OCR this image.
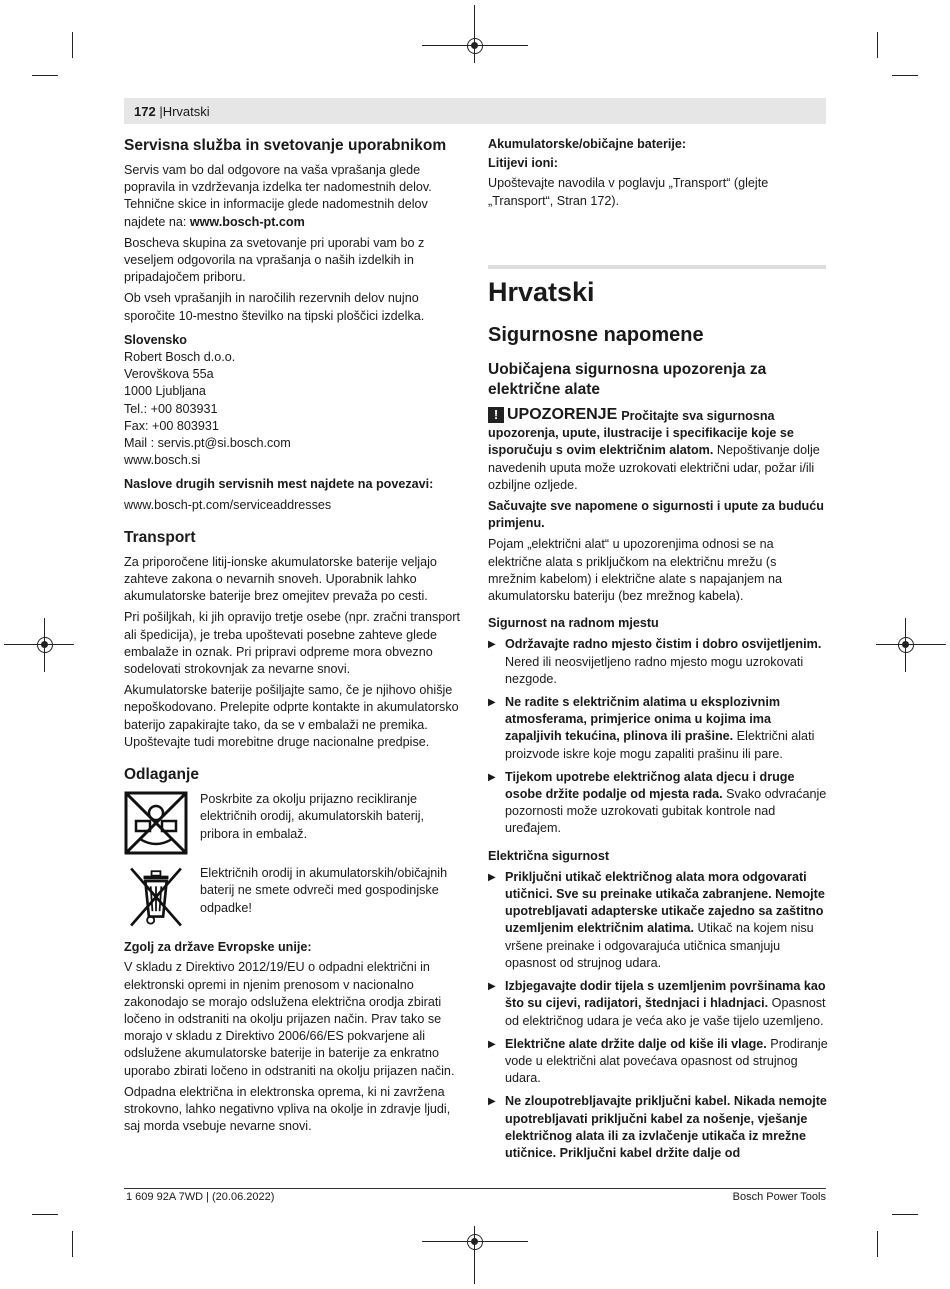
172 |Hrvatski
Servisna služba in svetovanje uporabnikom

Servis vam bo dal odgovore na vaša vprašanja glede popravila in vzdrževanja izdelka ter nadomestnih delov. Tehnične skice in informacije glede nadomestnih delov najdete na: www.bosch-pt.com

Boscheva skupina za svetovanje pri uporabi vam bo z veseljem odgovorila na vprašanja o naših izdelkih in pripadajočem priboru.

Ob vseh vprašanjih in naročilih rezervnih delov nujno sporočite 10-mestno številko na tipski ploščici izdelka.

Slovensko
Robert Bosch d.o.o.
Verovškova 55a
1000 Ljubljana
Tel.: +00 803931
Fax: +00 803931
Mail : servis.pt@si.bosch.com
www.bosch.si
Naslove drugih servisnih mest najdete na povezavi:
www.bosch-pt.com/serviceaddresses
Transport

Za priporočene litij-ionske akumulatorske baterije veljajo zahteve zakona o nevarnih snoveh. Uporabnik lahko akumulatorske baterije brez omejitev prevaža po cesti.

Pri pošiljkah, ki jih opravijo tretje osebe (npr. zračni transport ali špedicija), je treba upoštevati posebne zahteve glede embalaže in oznak. Pri pripravi odpreme mora obvezno sodelovati strokovnjak za nevarne snovi.

Akumulatorske baterije pošiljajte samo, če je njihovo ohišje nepoškodovano. Prelepite odprte kontakte in akumulatorsko baterijo zapakirajte tako, da se v embalaži ne premika. Upoštevajte tudi morebitne druge nacionalne predpise.

Odlaganje
Poskrbite za okolju prijazno recikliranje električnih orodij, akumulatorskih baterij, pribora in embalaž.
Električnih orodij in akumulatorskih/običajnih baterij ne smete odvreči med gospodinjske odpadke!
Zgolj za države Evropske unije:

V skladu z Direktivo 2012/19/EU o odpadni električni in elektronski opremi in njenim prenosom v nacionalno zakonodajo se morajo odslužena električna orodja zbirati ločeno in odstraniti na okolju prijazen način. Prav tako se morajo v skladu z Direktivo 2006/66/ES pokvarjene ali odslužene akumulatorske baterije in baterije za enkratno uporabo zbirati ločeno in odstraniti na okolju prijazen način.

Odpadna električna in elektronska oprema, ki ni zavržena strokovno, lahko negativno vpliva na okolje in zdravje ljudi, saj morda vsebuje nevarne snovi.

Akumulatorske/običajne baterije:
Litijevi ioni:

Upoštevajte navodila v poglavju „Transport“ (glejte „Transport“, Stran 172).

Hrvatski
Sigurnosne napomene
Uobičajena sigurnosna upozorenja za električne alate

!
UPOZORENJE Pročitajte sva sigurnosna upozorenja, upute, ilustracije i specifikacije koje se isporučuju s ovim električnim alatom. Nepoštivanje dolje navedenih uputa može uzrokovati električni udar, požar i/ili ozbiljne ozljede.

Sačuvajte sve napomene o sigurnosti i upute za buduću primjenu.

Pojam „električni alat“ u upozorenjima odnosi se na električne alata s priključkom na električnu mrežu (s mrežnim kabelom) i električne alate s napajanjem na akumulatorsku bateriju (bez mrežnog kabela).

Sigurnost na radnom mjestu
▶ Održavajte radno mjesto čistim i dobro osvijetljenim. Nered ili neosvijetljeno radno mjesto mogu uzrokovati nezgode.
▶ Ne radite s električnim alatima u eksplozivnim atmosferama, primjerice onima u kojima ima zapaljivih tekućina, plinova ili prašine. Električni alati proizvode iskre koje mogu zapaliti prašinu ili pare.
▶ Tijekom upotrebe električnog alata djecu i druge osobe držite podalje od mjesta rada. Svako odvraćanje pozornosti može uzrokovati gubitak kontrole nad uređajem.
Električna sigurnost
▶ Priključni utikač električnog alata mora odgovarati utičnici. Sve su preinake utikača zabranjene. Nemojte upotrebljavati adapterske utikače zajedno sa zaštitno uzemljenim električnim alatima. Utikač na kojem nisu vršene preinake i odgovarajuća utičnica smanjuju opasnost od strujnog udara.
▶ Izbjegavajte dodir tijela s uzemljenim površinama kao što su cijevi, radijatori, štednjaci i hladnjaci. Opasnost od električnog udara je veća ako je vaše tijelo uzemljeno.
▶ Električne alate držite dalje od kiše ili vlage. Prodiranje vode u električni alat povećava opasnost od strujnog udara.
▶ Ne zloupotrebljavajte priključni kabel. Nikada nemojte upotrebljavati priključni kabel za nošenje, vješanje električnog alata ili za izvlačenje utikača iz mrežne utičnice. Priključni kabel držite dalje od
1 609 92A 7WD | (20.06.2022)	Bosch Power Tools
